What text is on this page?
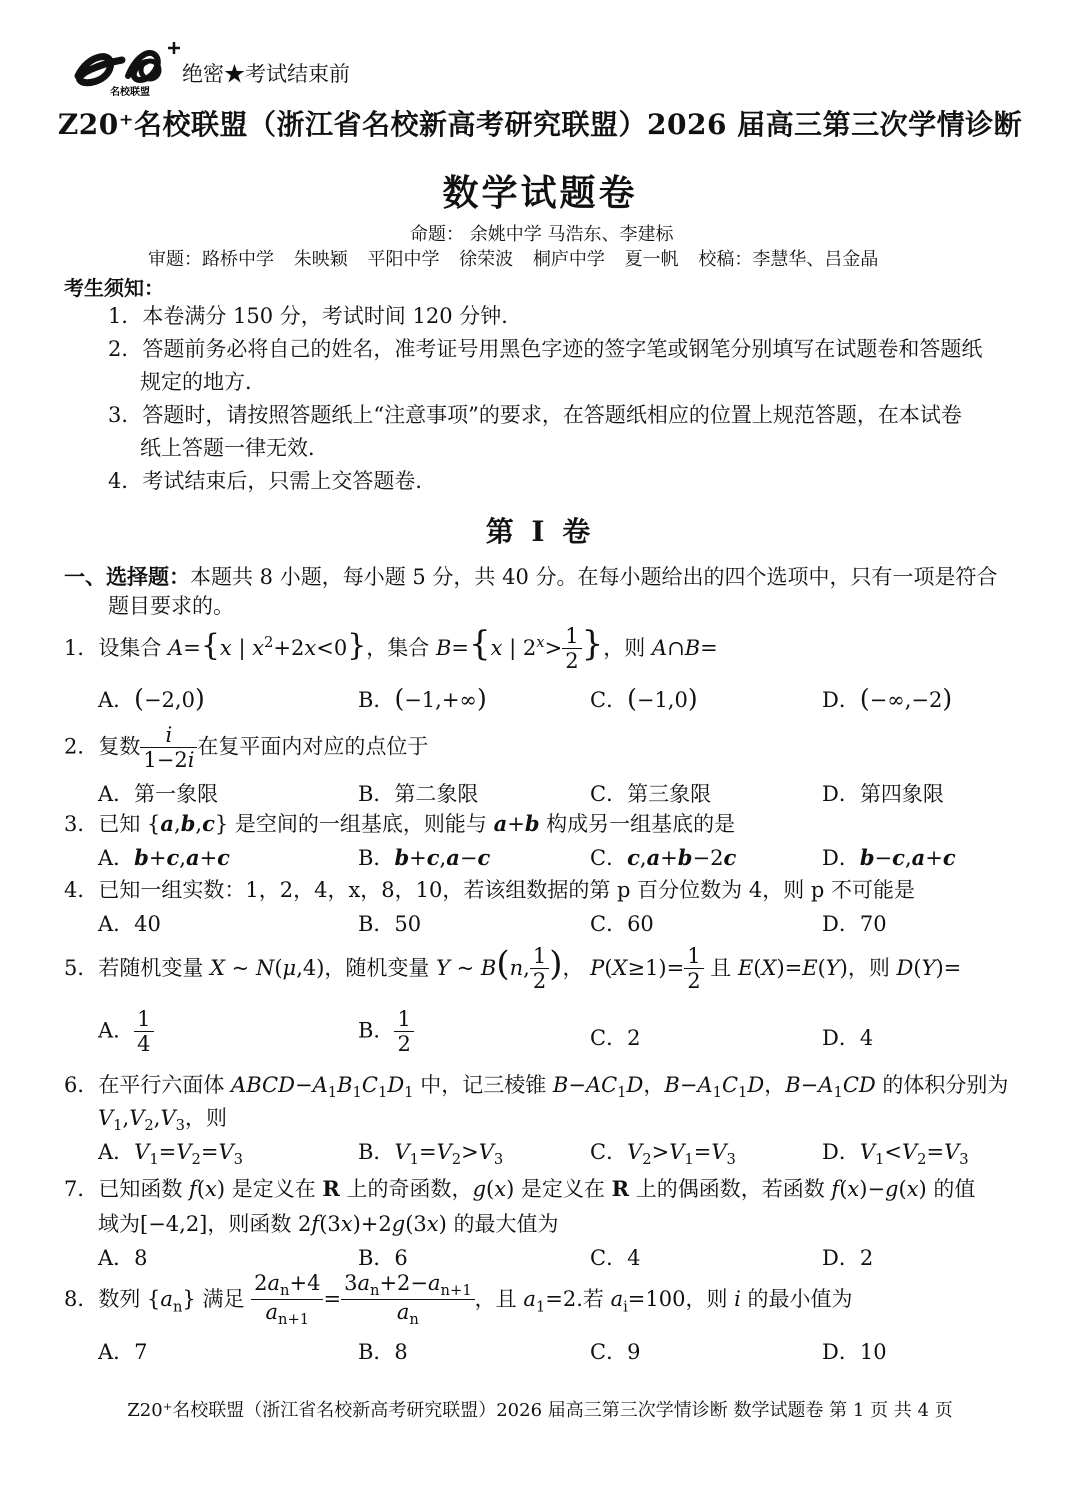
名校联盟
绝密★考试结束前
Z20⁺名校联盟（浙江省名校新高考研究联盟）2026 届高三第三次学情诊断
数学试题卷
命题： 余姚中学 马浩东、李建标
审题：路桥中学 朱映颖 平阳中学 徐荣波 桐庐中学 夏一帆 校稿：李慧华、吕金晶
考生须知：
1．本卷满分 150 分，考试时间 120 分钟．
2．答题前务必将自己的姓名，准考证号用黑色字迹的签字笔或钢笔分别填写在试题卷和答题纸
规定的地方．
3．答题时，请按照答题纸上“注意事项”的要求，在答题纸相应的位置上规范答题，在本试卷
纸上答题一律无效．
4．考试结束后，只需上交答题卷．
第 I 卷
一、选择题：本题共 8 小题，每小题 5 分，共 40 分。在每小题给出的四个选项中，只有一项是符合
题目要求的。
1．设集合 A={x | $x^2+2x<0$}，集合 B={x | $2^x> \frac{1}{2}$ }，则 A∩B=
A．(−2,0)	B．(−1,+∞)	C．(−1,0)	D．(−∞,−2)
2．复数 $\frac{i}{1-2i}$ 在复平面内对应的点位于
A．第一象限	B．第二象限	C．第三象限	D．第四象限
3．已知 {a,b,c} 是空间的一组基底，则能与 a+b 构成另一组基底的是
A．b+c,a+c	B．b+c,a−c	C．c,a+b−2c	D．b−c,a+c
4．已知一组实数：1，2，4，x，8，10，若该组数据的第 p 百分位数为 4，则 p 不可能是
A．40	B．50	C．60	D．70
5．若随机变量 X ~ N(μ,4)，随机变量 Y ~ B(n, $\frac{1}{2}$ )， $P(X\ge 1)= \frac{1}{2}$ 且 E(X)=E(Y)，则 D(Y)=
A． $\frac{1}{4}$	B． $\frac{1}{2}$	C．2	D．4
6．在平行六面体 $ABCD-A_1B_1C_1D_1$ 中，记三棱锥 $B-AC_1D$，$B-A_1C_1D$，$B-A_1CD$ 的体积分别为
$V_1,V_2,V_3$，则
A．$V_1=V_2=V_3$	B．$V_1=V_2>V_3$	C．$V_2>V_1=V_3$	D．$V_1<V_2=V_3$
7．已知函数 f(x) 是定义在 R 上的奇函数，g(x) 是定义在 R 上的偶函数，若函数 f(x)−g(x) 的值
域为[−4,2]，则函数 2f(3x)+2g(3x) 的最大值为
A．8	B．6	C．4	D．2
8．数列 $\{a_n\}$ 满足 $\frac{2a_n+4}{a_{n+1}} = \frac{3a_n+2-a_{n+1}}{a_n}$ ，且 $a_1=2$.若 $a_i=100$，则 i 的最小值为
A．7	B．8	C．9	D．10
Z20⁺名校联盟（浙江省名校新高考研究联盟）2026 届高三第三次学情诊断 数学试题卷 第 1 页 共 4 页
